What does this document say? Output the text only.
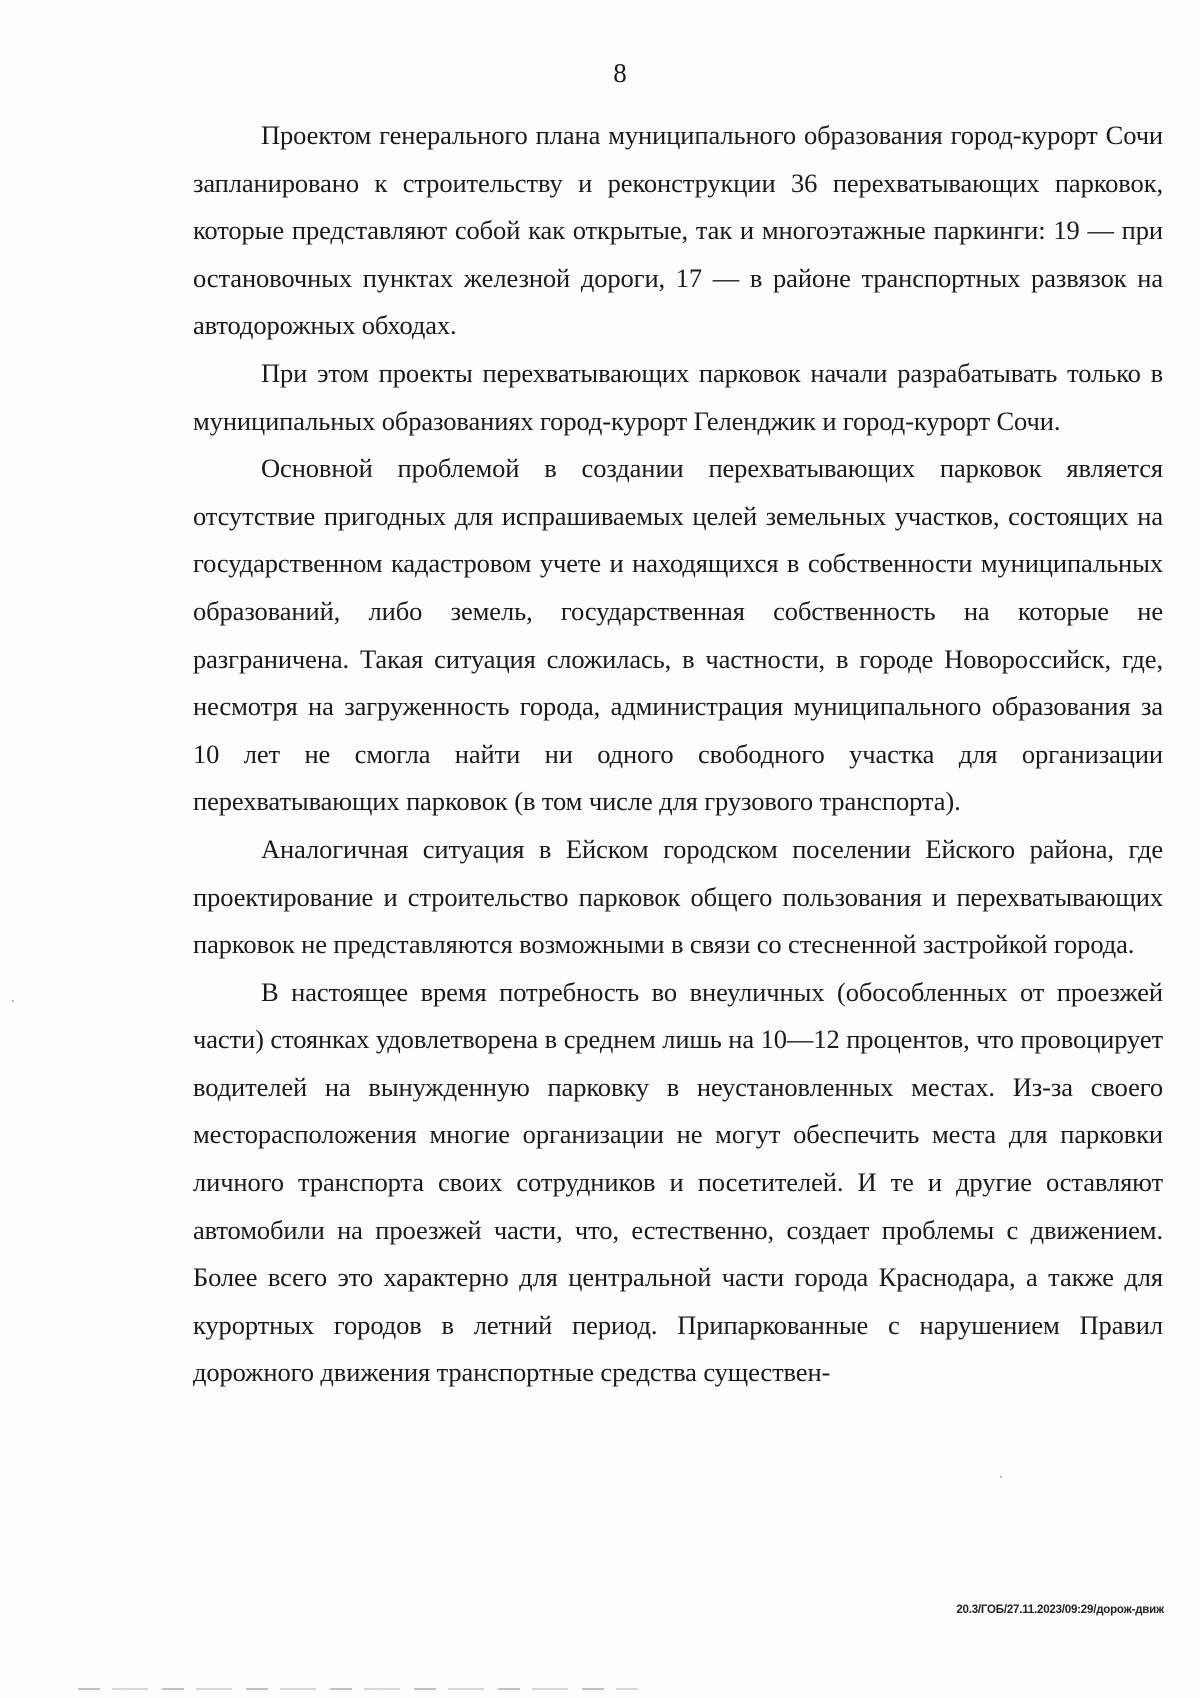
8

Проектом генерального плана муниципального образования город-курорт Сочи запланировано к строительству и реконструкции 36 перехватывающих парковок, которые представляют собой как открытые, так и многоэтажные паркинги: 19 — при остановочных пунктах железной дороги, 17 — в районе транспортных развязок на автодорожных обходах.

При этом проекты перехватывающих парковок начали разрабатывать только в муниципальных образованиях город-курорт Геленджик и город-курорт Сочи.

Основной проблемой в создании перехватывающих парковок является отсутствие пригодных для испрашиваемых целей земельных участков, состоящих на государственном кадастровом учете и находящихся в собственности муниципальных образований, либо земель, государственная собственность на которые не разграничена. Такая ситуация сложилась, в частности, в городе Новороссийск, где, несмотря на загруженность города, администрация муниципального образования за 10 лет не смогла найти ни одного свободного участка для организации перехватывающих парковок (в том числе для грузового транспорта).

Аналогичная ситуация в Ейском городском поселении Ейского района, где проектирование и строительство парковок общего пользования и перехватывающих парковок не представляются возможными в связи со стесненной застройкой города.

В настоящее время потребность во внеуличных (обособленных от проезжей части) стоянках удовлетворена в среднем лишь на 10—12 процентов, что провоцирует водителей на вынужденную парковку в неустановленных местах. Из-за своего месторасположения многие организации не могут обеспечить места для парковки личного транспорта своих сотрудников и посетителей. И те и другие оставляют автомобили на проезжей части, что, естественно, создает проблемы с движением. Более всего это характерно для центральной части города Краснодара, а также для курортных городов в летний период. Припаркованные с нарушением Правил дорожного движения транспортные средства существен-

20.3/ГОБ/27.11.2023/09:29/дорож-движ
